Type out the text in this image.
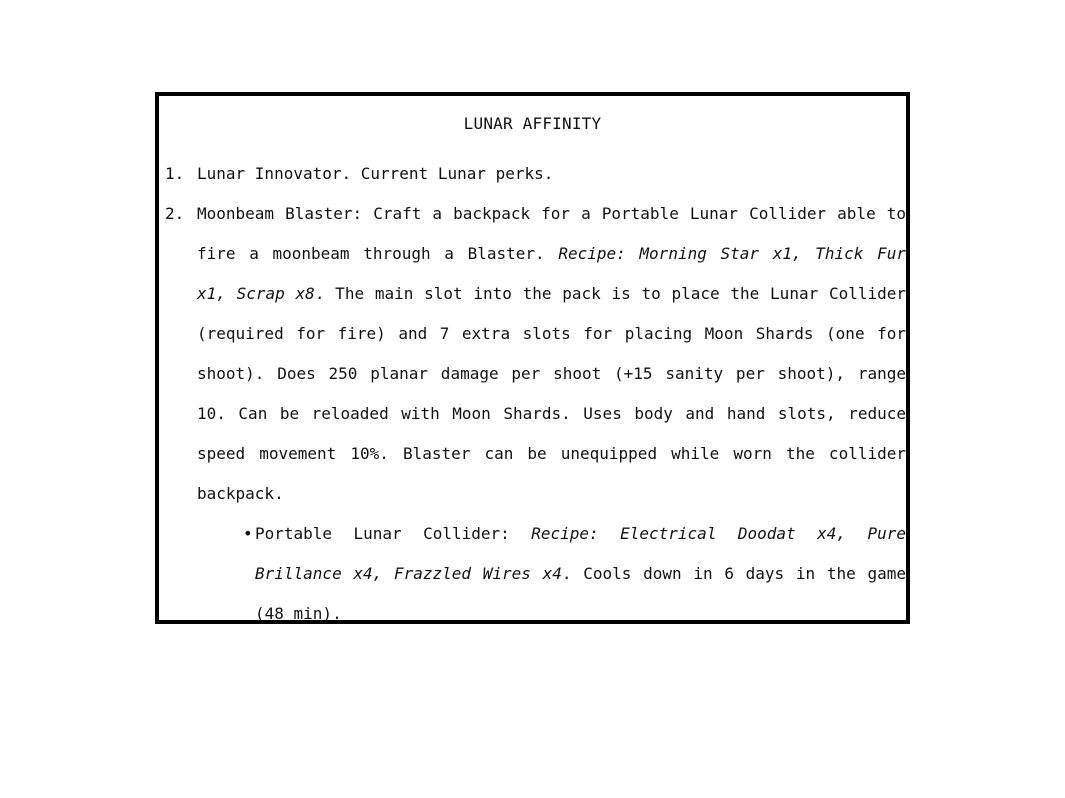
LUNAR AFFINITY
1. Lunar Innovator. Current Lunar perks.
2. Moonbeam Blaster: Craft a backpack for a Portable Lunar Collider able to
fire a moonbeam through a Blaster. Recipe: Morning Star x1, Thick Fur
x1, Scrap x8. The main slot into the pack is to place the Lunar Collider
(required for fire) and 7 extra slots for placing Moon Shards (one for
shoot). Does 250 planar damage per shoot (+15 sanity per shoot), range
10. Can be reloaded with Moon Shards. Uses body and hand slots, reduce
speed movement 10%. Blaster can be unequipped while worn the collider
backpack.
• Portable Lunar Collider: Recipe: Electrical Doodat x4, Pure
Brillance x4, Frazzled Wires x4. Cools down in 6 days in the game
(48 min).
